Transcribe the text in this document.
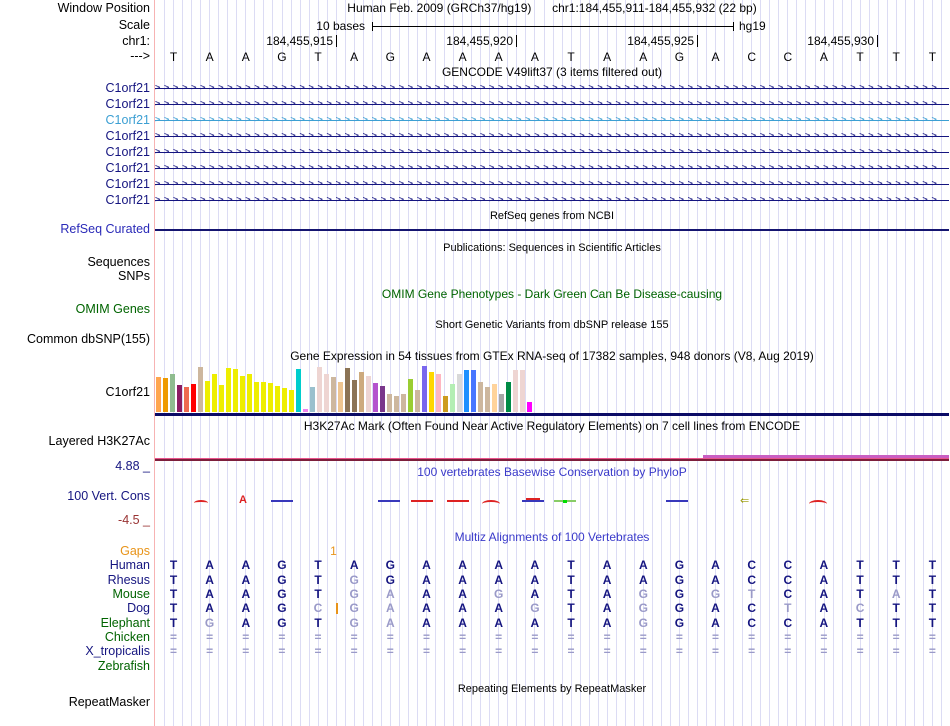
Window Position	Human Feb. 2009 (GRCh37/hg19) chr1:184,455,911-184,455,932 (22 bp)
Scale	10 bases	hg19
chr1:	184,455,915	184,455,920	184,455,925	184,455,930
--->	T	A	A	G	T	A	G	A	A	A	A	T	A	A	G	A	C	C	A	T	T	T
GENCODE V49lift37 (3 items filtered out)
C1orf21 >>>>>>>>>>>>>>>>>>>>>>>>>>>>>>>>>>>>>>>>>>>>>>>>>>>>>>>>>>>>>>>>>>>>>>>>>>>>>>>>>>>>>>>
C1orf21 >>>>>>>>>>>>>>>>>>>>>>>>>>>>>>>>>>>>>>>>>>>>>>>>>>>>>>>>>>>>>>>>>>>>>>>>>>>>>>>>>>>>>>>
C1orf21 >>>>>>>>>>>>>>>>>>>>>>>>>>>>>>>>>>>>>>>>>>>>>>>>>>>>>>>>>>>>>>>>>>>>>>>>>>>>>>>>>>>>>>>
C1orf21 >>>>>>>>>>>>>>>>>>>>>>>>>>>>>>>>>>>>>>>>>>>>>>>>>>>>>>>>>>>>>>>>>>>>>>>>>>>>>>>>>>>>>>>
C1orf21 >>>>>>>>>>>>>>>>>>>>>>>>>>>>>>>>>>>>>>>>>>>>>>>>>>>>>>>>>>>>>>>>>>>>>>>>>>>>>>>>>>>>>>>
C1orf21 >>>>>>>>>>>>>>>>>>>>>>>>>>>>>>>>>>>>>>>>>>>>>>>>>>>>>>>>>>>>>>>>>>>>>>>>>>>>>>>>>>>>>>>
C1orf21 >>>>>>>>>>>>>>>>>>>>>>>>>>>>>>>>>>>>>>>>>>>>>>>>>>>>>>>>>>>>>>>>>>>>>>>>>>>>>>>>>>>>>>>
C1orf21 >>>>>>>>>>>>>>>>>>>>>>>>>>>>>>>>>>>>>>>>>>>>>>>>>>>>>>>>>>>>>>>>>>>>>>>>>>>>>>>>>>>>>>>
RefSeq genes from NCBI
RefSeq Curated
Publications: Sequences in Scientific Articles
Sequences
SNPs
OMIM Gene Phenotypes - Dark Green Can Be Disease-causing
OMIM Genes
Short Genetic Variants from dbSNP release 155
Common dbSNP(155)
Gene Expression in 54 tissues from GTEx RNA-seq of 17382 samples, 948 donors (V8, Aug 2019)
C1orf21
H3K27Ac Mark (Often Found Near Active Regulatory Elements) on 7 cell lines from ENCODE
Layered H3K27Ac
4.88 _	100 vertebrates Basewise Conservation by PhyloP
100 Vert. Cons
-4.5 _
A	⇐
Multiz Alignments of 100 Vertebrates
Gaps	1
Human	T	A	A	G	T	A	G	A	A	A	A	T	A	A	G	A	C	C	A	T	T	T
Rhesus	T	A	A	G	T	G	G	A	A	A	A	T	A	A	G	A	C	C	A	T	T	T
Mouse	T	A	A	G	T	G	A	A	A	G	A	T	A	G	G	G	T	C	A	T	A	T
Dog	T	A	A	G	C	G	A	A	A	A	G	T	A	G	G	A	C	T	A	C	T	T
Elephant	T	G	A	G	T	G	A	A	A	A	A	T	A	G	G	A	C	C	A	T	T	T
Chicken	=	=	=	=	=	=	=	=	=	=	=	=	=	=	=	=	=	=	=	=	=	=
X_tropicalis	=	=	=	=	=	=	=	=	=	=	=	=	=	=	=	=	=	=	=	=	=	=
Zebrafish
Repeating Elements by RepeatMasker
RepeatMasker
